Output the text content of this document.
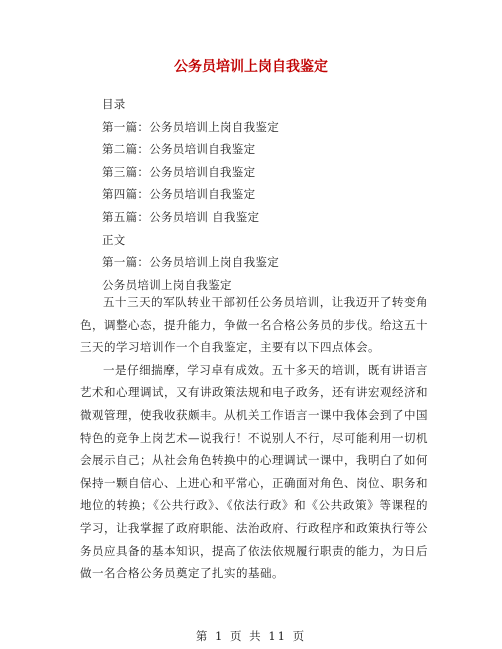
公务员培训上岗自我鉴定
目录
第一篇：公务员培训上岗自我鉴定
第二篇：公务员培训自我鉴定
第三篇：公务员培训自我鉴定
第四篇：公务员培训自我鉴定
第五篇：公务员培训 自我鉴定
正文
第一篇：公务员培训上岗自我鉴定
公务员培训上岗自我鉴定

五十三天的军队转业干部初任公务员培训，让我迈开了转变角色，调整心态，提升能力，争做一名合格公务员的步伐。给这五十三天的学习培训作一个自我鉴定，主要有以下四点体会。

一是仔细揣摩，学习卓有成效。五十多天的培训，既有讲语言艺术和心理调试，又有讲政策法规和电子政务，还有讲宏观经济和微观管理，使我收获颇丰。从机关工作语言一课中我体会到了中国特色的竞争上岗艺术—说我行！不说别人不行，尽可能利用一切机会展示自己；从社会角色转换中的心理调试一课中，我明白了如何保持一颗自信心、上进心和平常心，正确面对角色、岗位、职务和地位的转换；《公共行政》、《依法行政》和《公共政策》等课程的学习，让我掌握了政府职能、法治政府、行政程序和政策执行等公务员应具备的基本知识，提高了依法依规履行职责的能力，为日后做一名合格公务员奠定了扎实的基础。

第 1 页 共 11 页
